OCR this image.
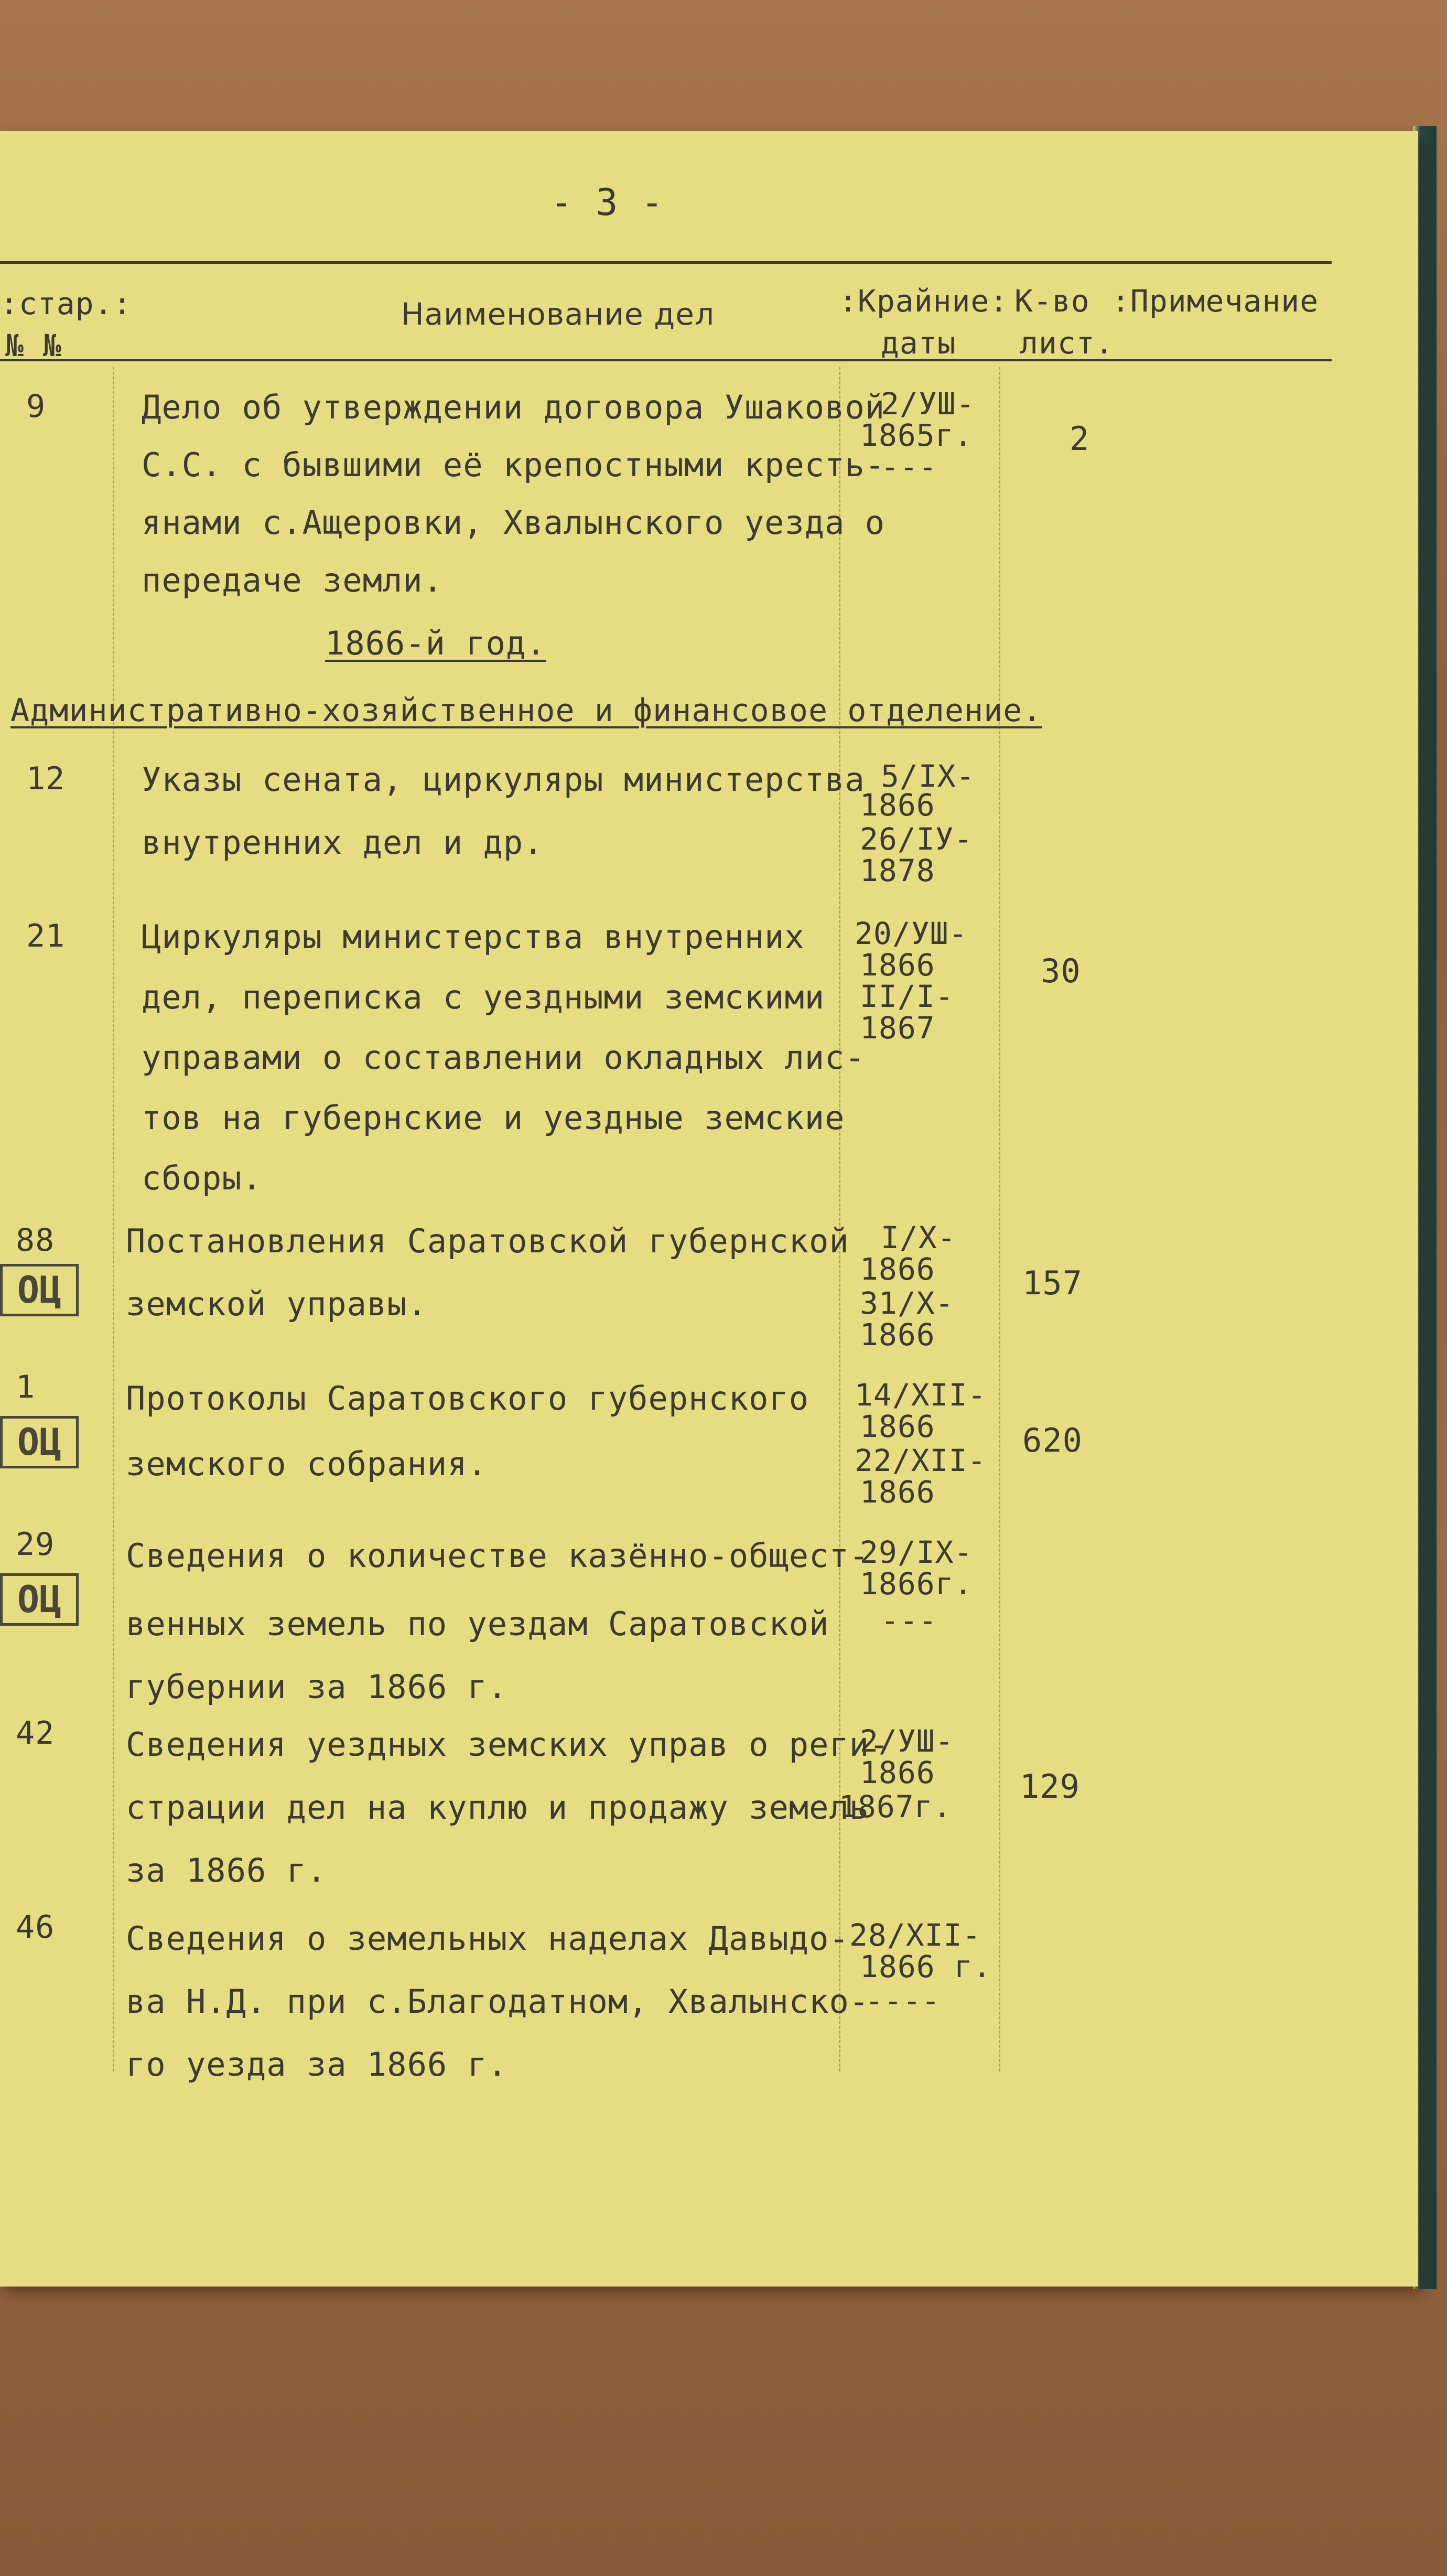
- 3 -
:стар.:
№ №
Наименование дел	:Крайние:
даты
К-во
лист.
:Примечание
9	Дело об утверждении договора Ушаковой
С.С. с бывшими её крепостными кресть-
янами с.Ащеровки, Хвалынского уезда о
передаче земли.
2/УШ-
1865г.
---
2
1866-й год.
Административно-хозяйственное и финансовое отделение.
12 Указы сената, циркуляры министерства
внутренних дел и др.
5/IX-
1866
26/IУ-
1878
21 Циркуляры министерства внутренних
дел, переписка с уездными земскими
управами о составлении окладных лис-
тов на губернские и уездные земские
сборы.
20/УШ-
1866
II/I-
1867
30
88
ОЦ
Постановления Саратовской губернской
земской управы.
I/X-
1866
31/X-
1866
157
1
ОЦ
Протоколы Саратовского губернского
земского собрания.
14/XII-
1866
22/XII-
1866
620
29
ОЦ
Сведения о количестве казённо-общест-
венных земель по уездам Саратовской
губернии за 1866 г.
29/IX-
1866г.
---
42 Сведения уездных земских управ о реги-
страции дел на куплю и продажу земель
за 1866 г.
2/УШ-
1866
1867г.
129
46 Сведения о земельных наделах Давыдо-
ва Н.Д. при с.Благодатном, Хвалынско-
го уезда за 1866 г.
28/XII-
1866 г.
----
